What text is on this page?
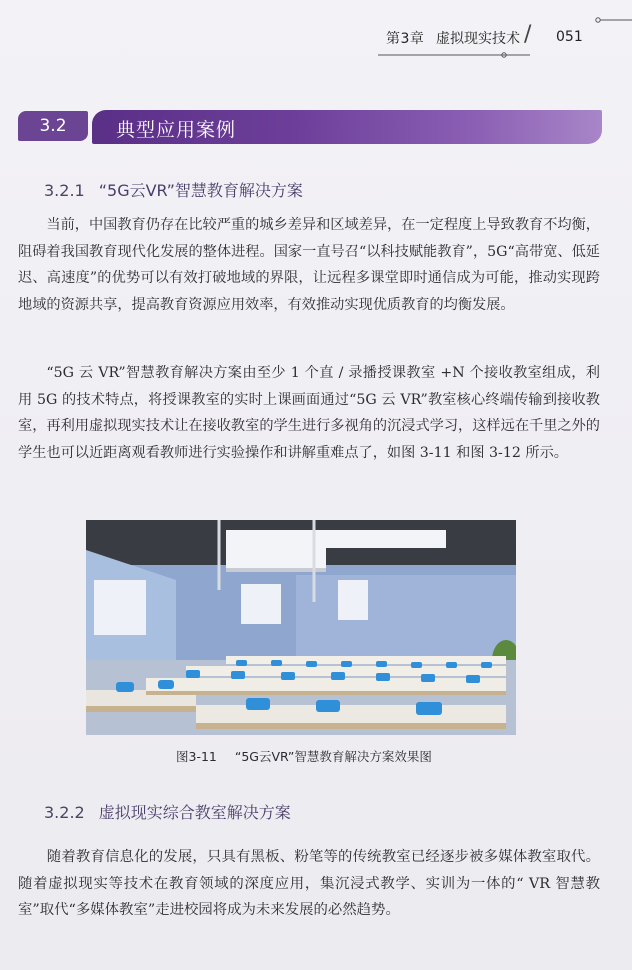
第3章 虚拟现实技术 / 051
3.2	典型应用案例
3.2.1 “5G云VR”智慧教育解决方案

当前，中国教育仍存在比较严重的城乡差异和区域差异，在一定程度上导致教育不均衡，阻碍着我国教育现代化发展的整体进程。国家一直号召“以科技赋能教育”，5G“高带宽、低延迟、高速度”的优势可以有效打破地域的界限，让远程多课堂即时通信成为可能，推动实现跨地域的资源共享，提高教育资源应用效率，有效推动实现优质教育的均衡发展。

“5G 云 VR”智慧教育解决方案由至少 1 个直 / 录播授课教室 +N 个接收教室组成，利用 5G 的技术特点，将授课教室的实时上课画面通过“5G 云 VR”教室核心终端传输到接收教室，再利用虚拟现实技术让在接收教室的学生进行多视角的沉浸式学习，这样远在千里之外的学生也可以近距离观看教师进行实验操作和讲解重难点了，如图 3-11 和图 3-12 所示。

图3-11 “5G云VR”智慧教育解决方案效果图
3.2.2 虚拟现实综合教室解决方案

随着教育信息化的发展，只具有黑板、粉笔等的传统教室已经逐步被多媒体教室取代。随着虚拟现实等技术在教育领域的深度应用，集沉浸式教学、实训为一体的“ VR 智慧教室”取代“多媒体教室”走进校园将成为未来发展的必然趋势。
